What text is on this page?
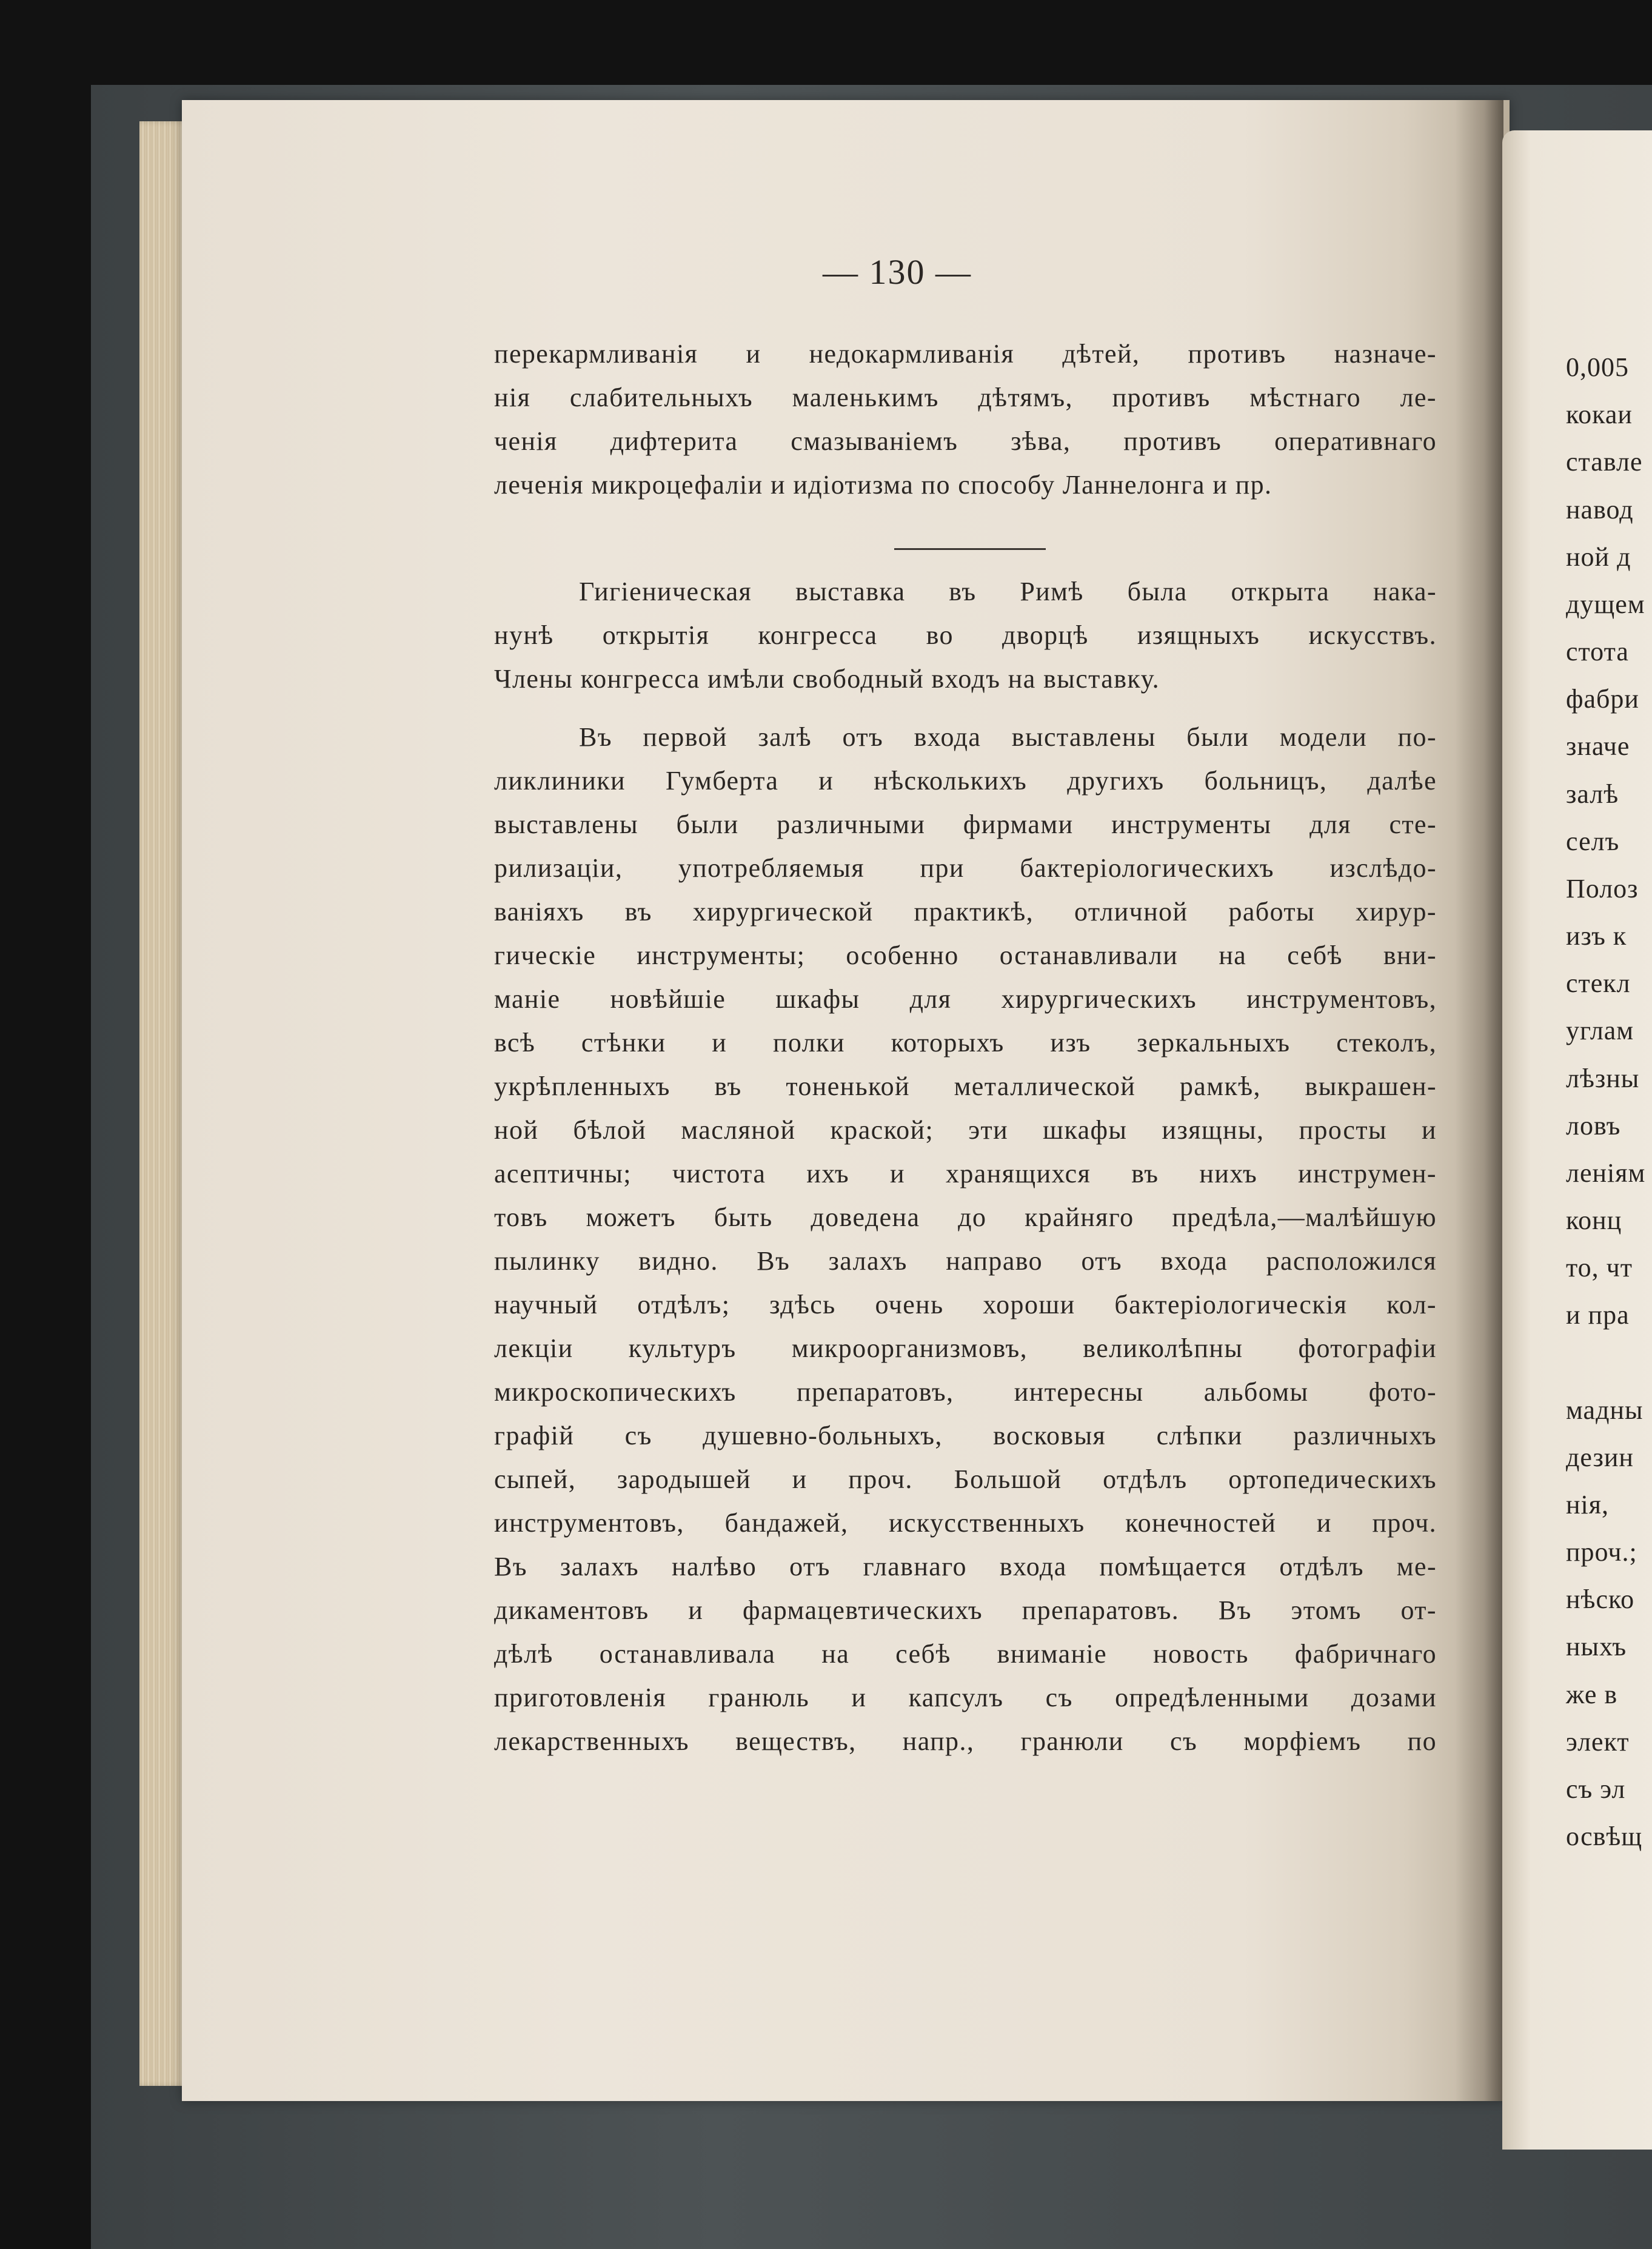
— 130 —
перекармливанія и недокармливанія дѣтей, противъ назначе-
нія слабительныхъ маленькимъ дѣтямъ, противъ мѣстнаго ле-
ченія дифтерита смазываніемъ зѣва, противъ оперативнаго
леченія микроцефаліи и идіотизма по способу Ланнелонга и пр.
Гигіеническая выставка въ Римѣ была открыта нака-
нунѣ открытія конгресса во дворцѣ изящныхъ искусствъ.
Члены конгресса имѣли свободный входъ на выставку.
Въ первой залѣ отъ входа выставлены были модели по-
ликлиники Гумберта и нѣсколькихъ другихъ больницъ, далѣе
выставлены были различными фирмами инструменты для сте-
рилизаціи, употребляемыя при бактеріологическихъ изслѣдо-
ваніяхъ въ хирургической практикѣ, отличной работы хирур-
гическіе инструменты; особенно останавливали на себѣ вни-
маніе новѣйшіе шкафы для хирургическихъ инструментовъ,
всѣ стѣнки и полки которыхъ изъ зеркальныхъ стеколъ,
укрѣпленныхъ въ тоненькой металлической рамкѣ, выкрашен-
ной бѣлой масляной краской; эти шкафы изящны, просты и
асептичны; чистота ихъ и хранящихся въ нихъ инструмен-
товъ можетъ быть доведена до крайняго предѣла,—малѣйшую
пылинку видно. Въ залахъ направо отъ входа расположился
научный отдѣлъ; здѣсь очень хороши бактеріологическія кол-
лекціи культуръ микроорганизмовъ, великолѣпны фотографіи
микроскопическихъ препаратовъ, интересны альбомы фото-
графій съ душевно-больныхъ, восковыя слѣпки различныхъ
сыпей, зародышей и проч. Большой отдѣлъ ортопедическихъ
инструментовъ, бандажей, искусственныхъ конечностей и проч.
Въ залахъ налѣво отъ главнаго входа помѣщается отдѣлъ ме-
дикаментовъ и фармацевтическихъ препаратовъ. Въ этомъ от-
дѣлѣ останавливала на себѣ вниманіе новость фабричнаго
приготовленія гранюль и капсулъ съ опредѣленными дозами
лекарственныхъ веществъ, напр., гранюли съ морфіемъ по
0,005
кокаи
ставле
навод
ной д
дущем
стота
фабри
значе
залѣ
селъ
Полоз
изъ к
стекл
углам
лѣзны
ловъ
леніям
конц
то, чт
и пра
мадны
дезин
нія,
проч.;
нѣско
ныхъ
же в
элект
съ эл
освѣщ
